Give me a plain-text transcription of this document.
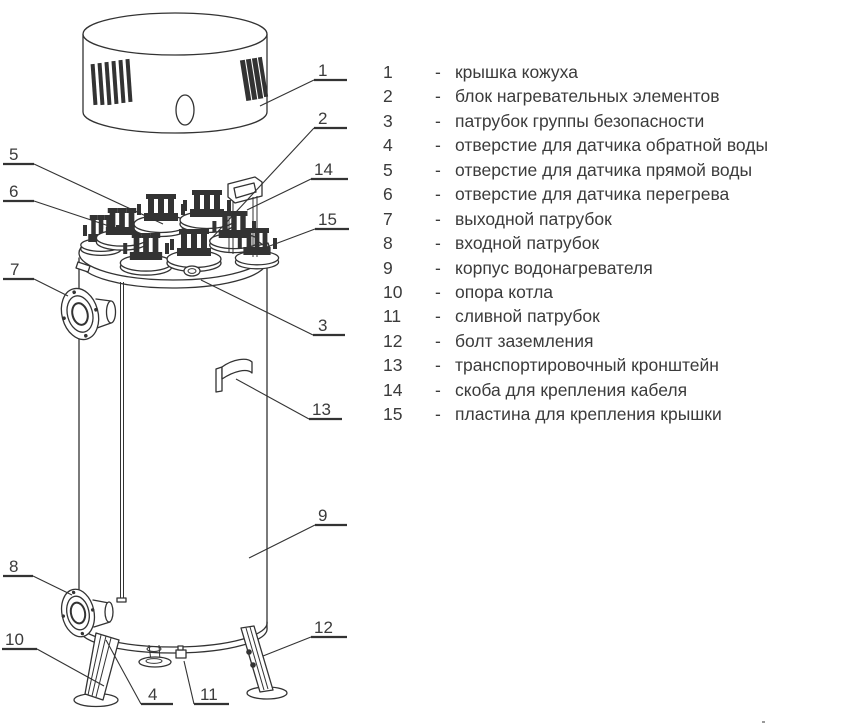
1
2
14
15
3
13
9
12
5
6
7
8
10
4	11
1	- крышка кожуха
2	- блок нагревательных элементов
3	- патрубок группы безопасности
4	- отверстие для датчика обратной воды
5	- отверстие для датчика прямой воды
6	- отверстие для датчика перегрева
7	- выходной патрубок
8	- входной патрубок
9	- корпус водонагревателя
10	- опора котла
11	- сливной патрубок
12	- болт заземления
13	- транспортировочный кронштейн
14	- скоба для крепления кабеля
15	- пластина для крепления крышки
